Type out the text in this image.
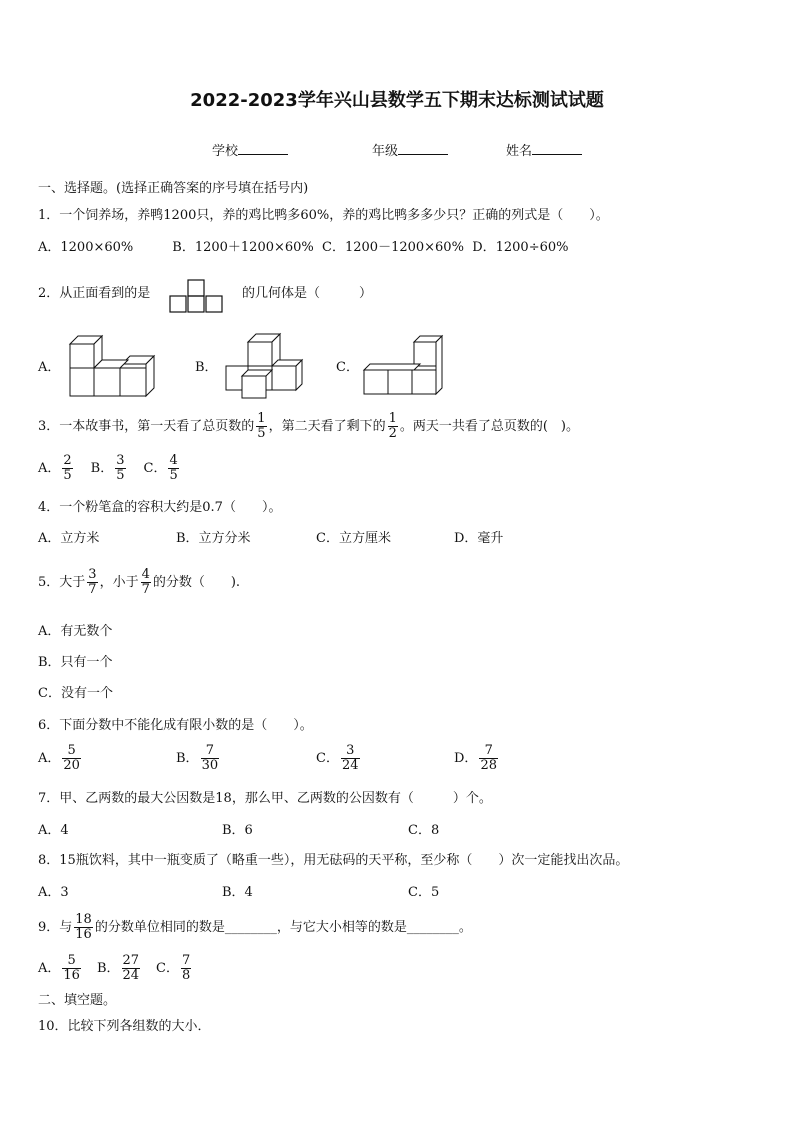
2022-2023学年兴山县数学五下期末达标测试试题
学校	年级	姓名
一、选择题。(选择正确答案的序号填在括号内)
1．一个饲养场，养鸭1200只，养的鸡比鸭多60%，养的鸡比鸭多多少只？正确的列式是（　　）。
A．1200×60%　　　B．1200＋1200×60%  C．1200－1200×60%  D．1200÷60%
2．从正面看到的是	的几何体是（　　　）
A．	B．	C．
3．一本故事书，第一天看了总页数的 $\frac{1}{5}$ ，第二天看了剩下的 $\frac{1}{2}$ 。两天一共看了总页数的(　)。
A． $\frac{2}{5}$ B． $\frac{3}{5}$ C． $\frac{4}{5}$
4．一个粉笔盒的容积大约是0.7（　　）。
A．立方米	B．立方分米	C．立方厘米	D．毫升
5．大于 $\frac{3}{7}$ ，小于 $\frac{4}{7}$ 的分数（　　).
A．有无数个
B．只有一个
C．没有一个
6．下面分数中不能化成有限小数的是（　　）。
A． $\frac{5}{20}$	B． $\frac{7}{30}$	C． $\frac{3}{24}$	D． $\frac{7}{28}$
7．甲、乙两数的最大公因数是18，那么甲、乙两数的公因数有（　　　）个。
A．4	B．6	C．8
8．15瓶饮料，其中一瓶变质了（略重一些），用无砝码的天平称，至少称（　　）次一定能找出次品。
A．3	B．4	C．5
9．与 $\frac{18}{16}$ 的分数单位相同的数是________，与它大小相等的数是________。
A． $\frac{5}{16}$ B． $\frac{27}{24}$ C． $\frac{7}{8}$
二、填空题。
10．比较下列各组数的大小．
